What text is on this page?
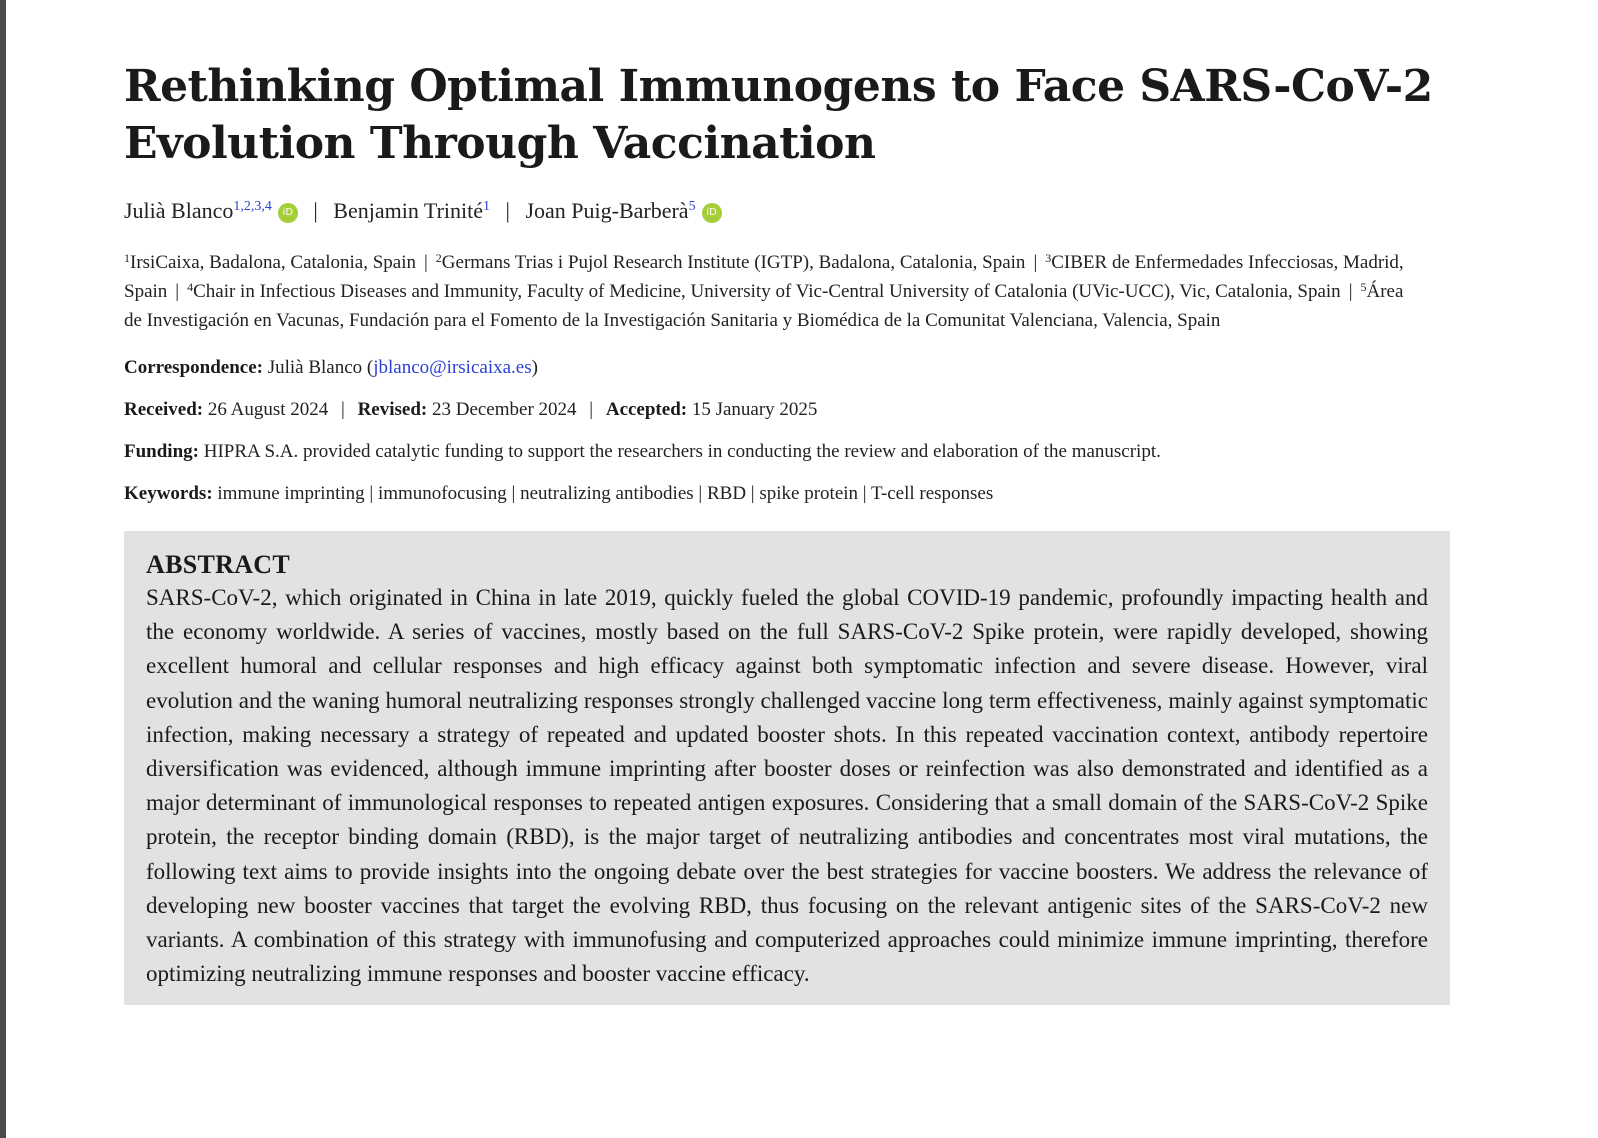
Rethinking Optimal Immunogens to Face SARS-CoV-2 Evolution Through Vaccination
Julià Blanco$^{1,2,3,4}$ iD | Benjamin Trinité$^1$ | Joan Puig-Barberà$^5$ iD
$^1$IrsiCaixa, Badalona, Catalonia, Spain | $^2$Germans Trias i Pujol Research Institute (IGTP), Badalona, Catalonia, Spain | $^3$CIBER de Enfermedades Infecciosas, Madrid, Spain | $^4$Chair in Infectious Diseases and Immunity, Faculty of Medicine, University of Vic-Central University of Catalonia (UVic-UCC), Vic, Catalonia, Spain | $^5$Área de Investigación en Vacunas, Fundación para el Fomento de la Investigación Sanitaria y Biomédica de la Comunitat Valenciana, Valencia, Spain
Correspondence: Julià Blanco (jblanco@irsicaixa.es)
Received: 26 August 2024 | Revised: 23 December 2024 | Accepted: 15 January 2025
Funding: HIPRA S.A. provided catalytic funding to support the researchers in conducting the review and elaboration of the manuscript.
Keywords: immune imprinting | immunofocusing | neutralizing antibodies | RBD | spike protein | T-cell responses
ABSTRACT

SARS-CoV-2, which originated in China in late 2019, quickly fueled the global COVID-19 pandemic, profoundly impacting health and the economy worldwide. A series of vaccines, mostly based on the full SARS-CoV-2 Spike protein, were rapidly developed, showing excellent humoral and cellular responses and high efficacy against both symptomatic infection and severe disease. However, viral evolution and the waning humoral neutralizing responses strongly challenged vaccine long term effectiveness, mainly against symptomatic infection, making necessary a strategy of repeated and updated booster shots. In this repeated vaccination context, antibody repertoire diversification was evidenced, although immune imprinting after booster doses or reinfection was also demonstrated and identified as a major determinant of immunological responses to repeated antigen exposures. Considering that a small domain of the SARS-CoV-2 Spike protein, the receptor binding domain (RBD), is the major target of neutralizing antibodies and concentrates most viral mutations, the following text aims to provide insights into the ongoing debate over the best strategies for vaccine boosters. We address the relevance of developing new booster vaccines that target the evolving RBD, thus focusing on the relevant antigenic sites of the SARS-CoV-2 new variants. A combination of this strategy with immunofusing and computerized approaches could minimize immune imprinting, therefore optimizing neutralizing immune responses and booster vaccine efficacy.
